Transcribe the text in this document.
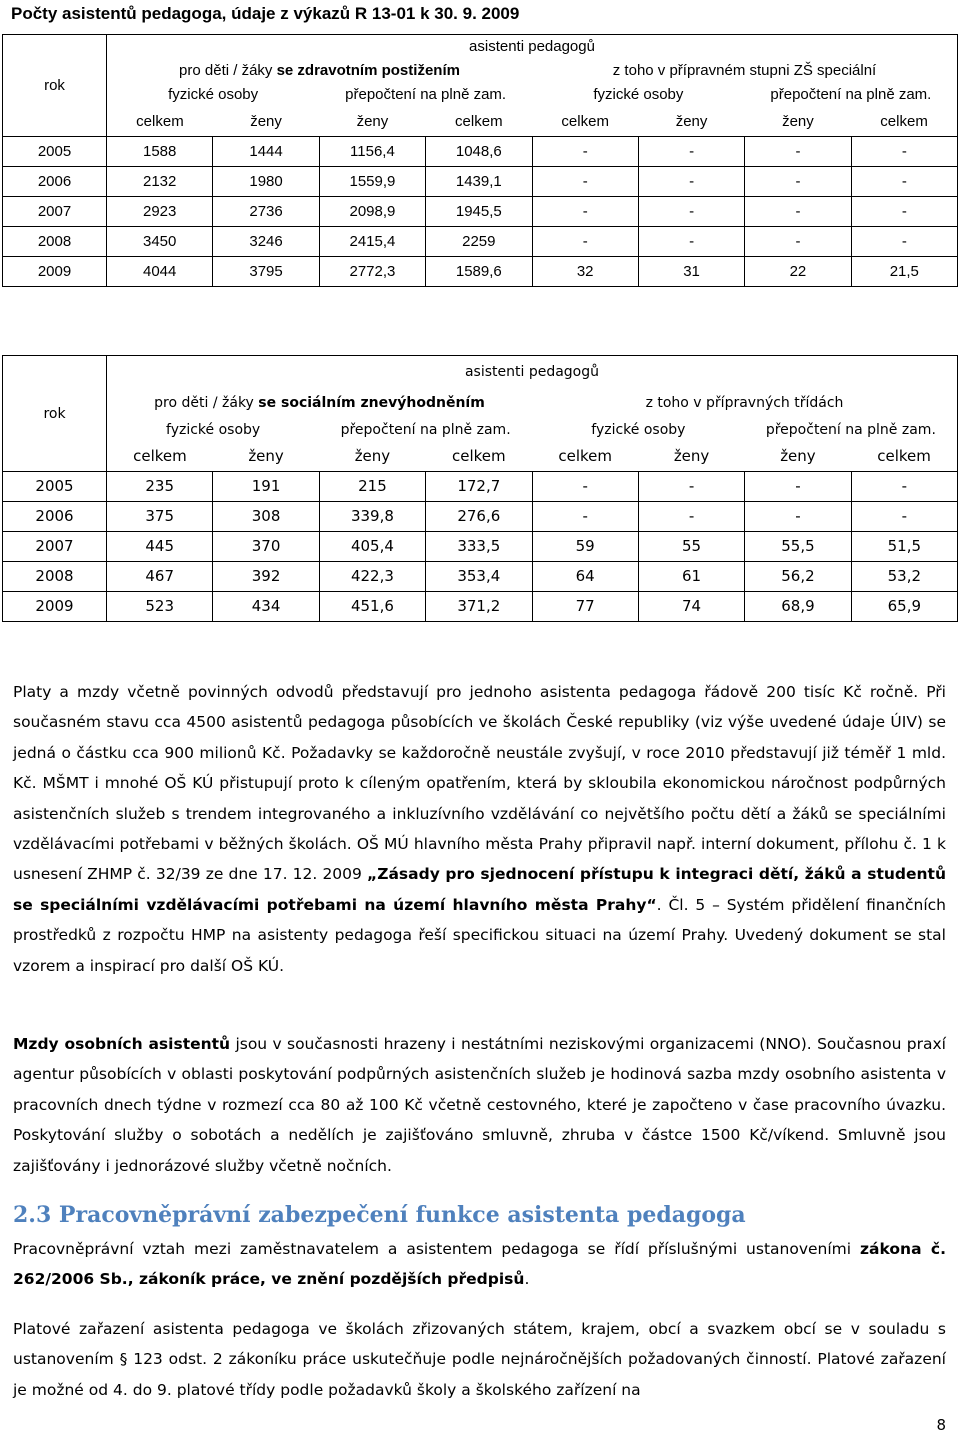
Počty asistentů pedagoga, údaje z výkazů R 13-01 k 30. 9. 2009
rok	asistenti pedagogů							
	pro děti / žáky se zdravotním postižením				z toho v přípravném stupni ZŠ speciální			
	fyzické osoby		přepočtení na plně zam.		fyzické osoby		přepočtení na plně zam.	
	celkem	ženy	ženy	celkem	celkem	ženy	ženy	celkem
2005	1588	1444	1156,4	1048,6	-	-	-	-
2006	2132	1980	1559,9	1439,1	-	-	-	-
2007	2923	2736	2098,9	1945,5	-	-	-	-
2008	3450	3246	2415,4	2259	-	-	-	-
2009	4044	3795	2772,3	1589,6	32	31	22	21,5
rok	asistenti pedagogů							
	pro děti / žáky se sociálním znevýhodněním				z toho v přípravných třídách			
	fyzické osoby		přepočtení na plně zam.		fyzické osoby		přepočtení na plně zam.	
	celkem	ženy	ženy	celkem	celkem	ženy	ženy	celkem
2005	235	191	215	172,7	-	-	-	-
2006	375	308	339,8	276,6	-	-	-	-
2007	445	370	405,4	333,5	59	55	55,5	51,5
2008	467	392	422,3	353,4	64	61	56,2	53,2
2009	523	434	451,6	371,2	77	74	68,9	65,9

Platy a mzdy včetně povinných odvodů představují pro jednoho asistenta pedagoga řádově 200 tisíc Kč ročně. Při současném stavu cca 4500 asistentů pedagoga působících ve školách České republiky (viz výše uvedené údaje ÚIV) se jedná o částku cca 900 milionů Kč. Požadavky se každoročně neustále zvyšují, v roce 2010 představují již téměř 1 mld. Kč. MŠMT i mnohé OŠ KÚ přistupují proto k cíleným opatřením, která by skloubila ekonomickou náročnost podpůrných asistenčních služeb s trendem integrovaného a inkluzívního vzdělávání co největšího počtu dětí a žáků se speciálními vzdělávacími potřebami v běžných školách. OŠ MÚ hlavního města Prahy připravil např. interní dokument, přílohu č. 1 k usnesení ZHMP č. 32/39 ze dne 17. 12. 2009 „Zásady pro sjednocení přístupu k integraci dětí, žáků a studentů se speciálními vzdělávacími potřebami na území hlavního města Prahy“. Čl. 5 – Systém přidělení finančních prostředků z rozpočtu HMP na asistenty pedagoga řeší specifickou situaci na území Prahy. Uvedený dokument se stal vzorem a inspirací pro další OŠ KÚ.

Mzdy osobních asistentů jsou v současnosti hrazeny i nestátními neziskovými organizacemi (NNO). Současnou praxí agentur působících v oblasti poskytování podpůrných asistenčních služeb je hodinová sazba mzdy osobního asistenta v pracovních dnech týdne v rozmezí cca 80 až 100 Kč včetně cestovného, které je započteno v čase pracovního úvazku. Poskytování služby o sobotách a nedělích je zajišťováno smluvně, zhruba v částce 1500 Kč/víkend. Smluvně jsou zajišťovány i jednorázové služby včetně nočních.

2.3 Pracovněprávní zabezpečení funkce asistenta pedagoga

Pracovněprávní vztah mezi zaměstnavatelem a asistentem pedagoga se řídí příslušnými ustanoveními zákona č. 262/2006 Sb., zákoník práce, ve znění pozdějších předpisů.

Platové zařazení asistenta pedagoga ve školách zřizovaných státem, krajem, obcí a svazkem obcí se v souladu s ustanovením § 123 odst. 2 zákoníku práce uskutečňuje podle nejnáročnějších požadovaných činností. Platové zařazení je možné od 4. do 9. platové třídy podle požadavků školy a školského zařízení na

8
